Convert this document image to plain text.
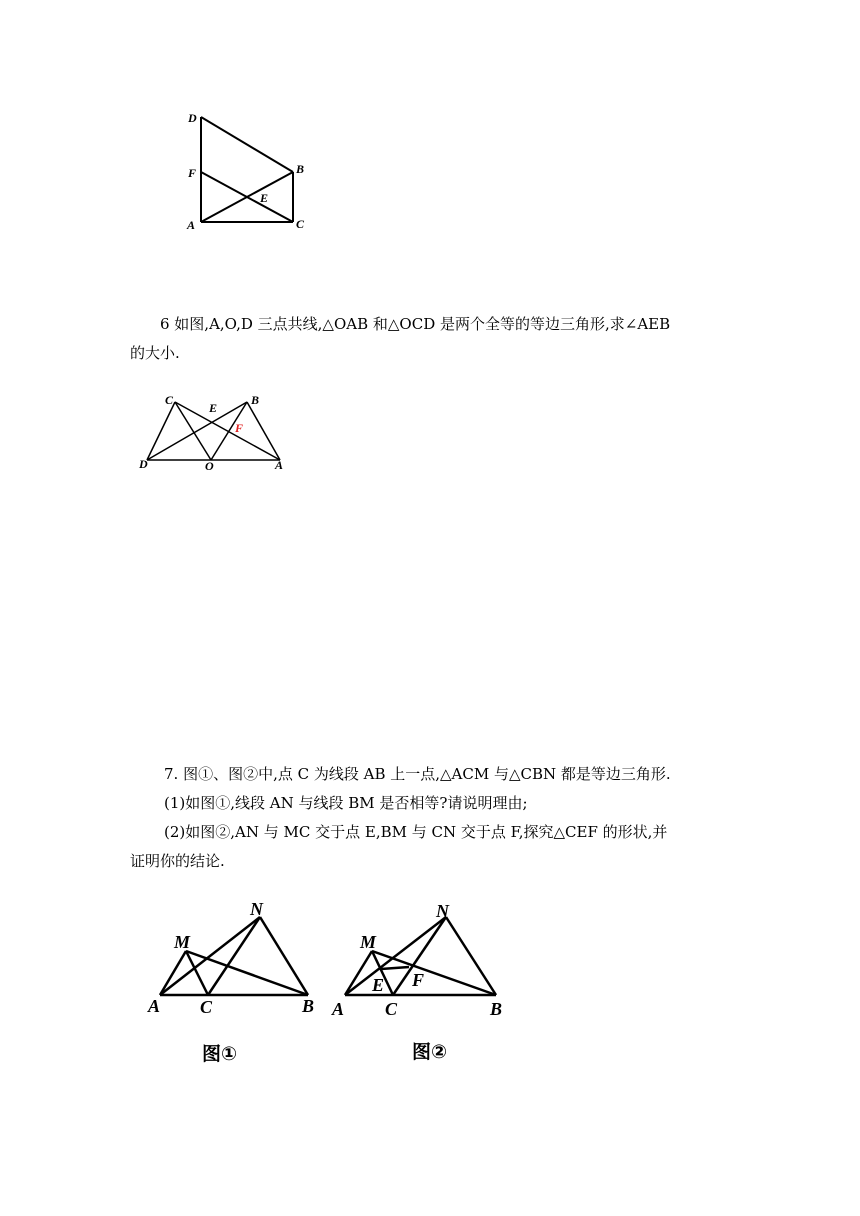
D
F	B
E
A	C
6 如图,A,O,D 三点共线,△OAB 和△OCD 是两个全等的等边三角形,求∠AEB
的大小.
C
E
B
F
D	O	A
7. 图①、图②中,点 C 为线段 AB 上一点,△ACM 与△CBN 都是等边三角形.
(1)如图①,线段 AN 与线段 BM 是否相等?请说明理由;
(2)如图②,AN 与 MC 交于点 E,BM 与 CN 交于点 F,探究△CEF 的形状,并
证明你的结论.
N
M
A C	B
图①
N
M
F
E
A C	B
图②
